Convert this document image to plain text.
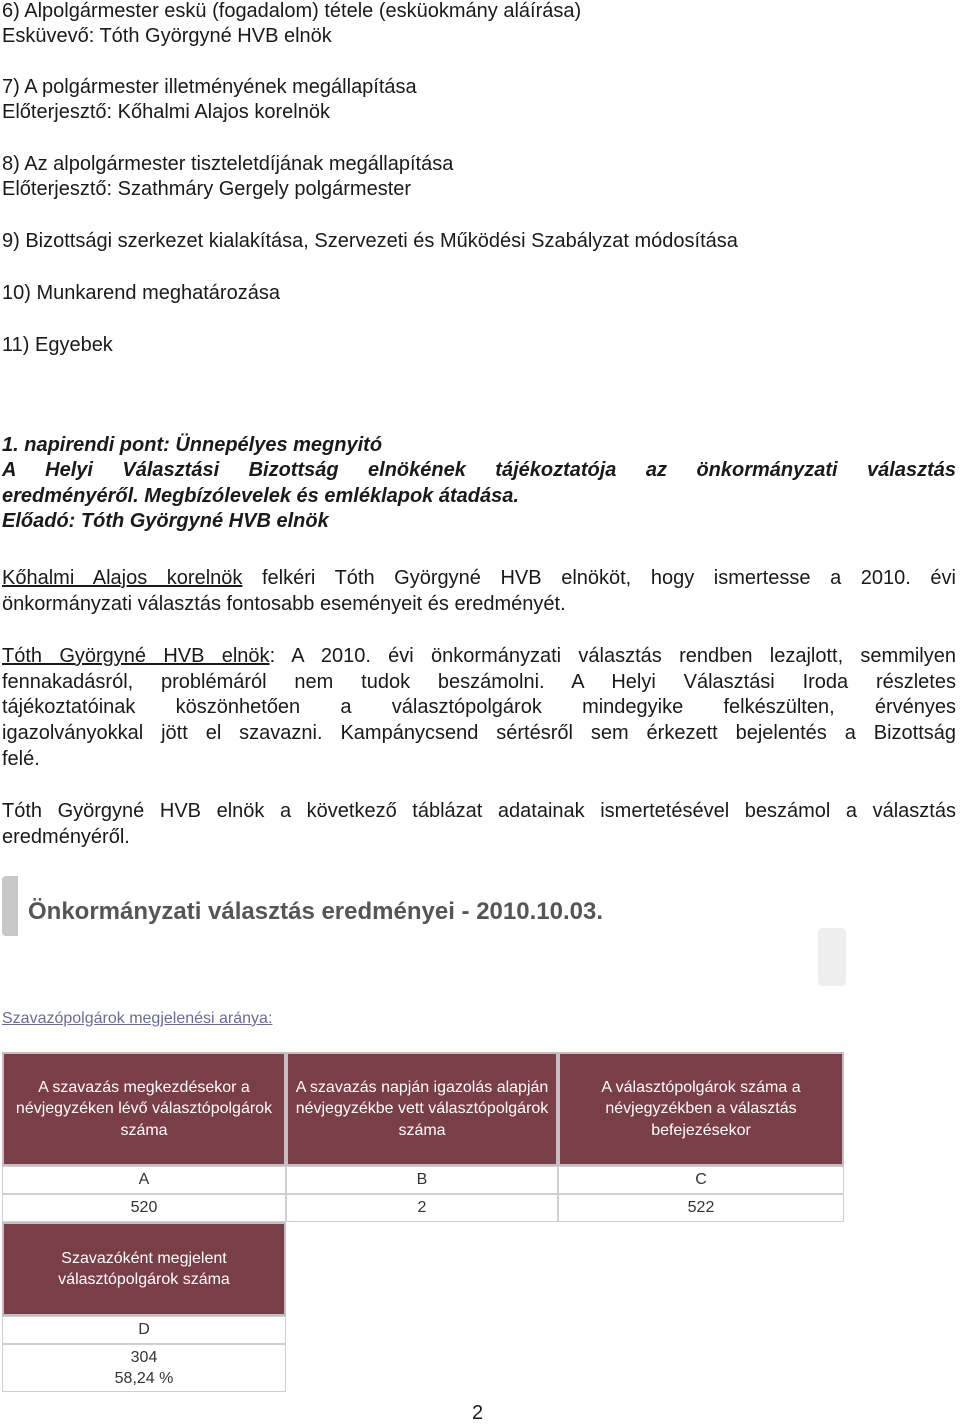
6) Alpolgármester eskü (fogadalom) tétele (esküokmány aláírása)
Esküvevő: Tóth Györgyné HVB elnök
7) A polgármester illetményének megállapítása
Előterjesztő: Kőhalmi Alajos korelnök
8) Az alpolgármester tiszteletdíjának megállapítása
Előterjesztő: Szathmáry Gergely polgármester
9) Bizottsági szerkezet kialakítása, Szervezeti és Működési Szabályzat módosítása
10) Munkarend meghatározása
11) Egyebek
1. napirendi pont: Ünnepélyes megnyitó
A Helyi Választási Bizottság elnökének tájékoztatója az önkormányzati választás
eredményéről. Megbízólevelek és emléklapok átadása.
Előadó: Tóth Györgyné HVB elnök
Kőhalmi Alajos korelnök felkéri Tóth Györgyné HVB elnököt, hogy ismertesse a 2010. évi
önkormányzati választás fontosabb eseményeit és eredményét.
Tóth Györgyné HVB elnök: A 2010. évi önkormányzati választás rendben lezajlott, semmilyen
fennakadásról, problémáról nem tudok beszámolni. A Helyi Választási Iroda részletes
tájékoztatóinak köszönhetően a választópolgárok mindegyike felkészülten, érvényes
igazolványokkal jött el szavazni. Kampánycsend sértésről sem érkezett bejelentés a Bizottság
felé.
Tóth Györgyné HVB elnök a következő táblázat adatainak ismertetésével beszámol a választás
eredményéről.
Önkormányzati választás eredményei - 2010.10.03.
Szavazópolgárok megjelenési aránya:
A szavazás megkezdésekor a névjegyzéken lévő választópolgárok száma
A szavazás napján igazolás alapján névjegyzékbe vett választópolgárok száma
A választópolgárok száma a névjegyzékben a választás befejezésekor
A	B	C
520	2	522
Szavazóként megjelent választópolgárok száma
D
304
58,24 %
2
